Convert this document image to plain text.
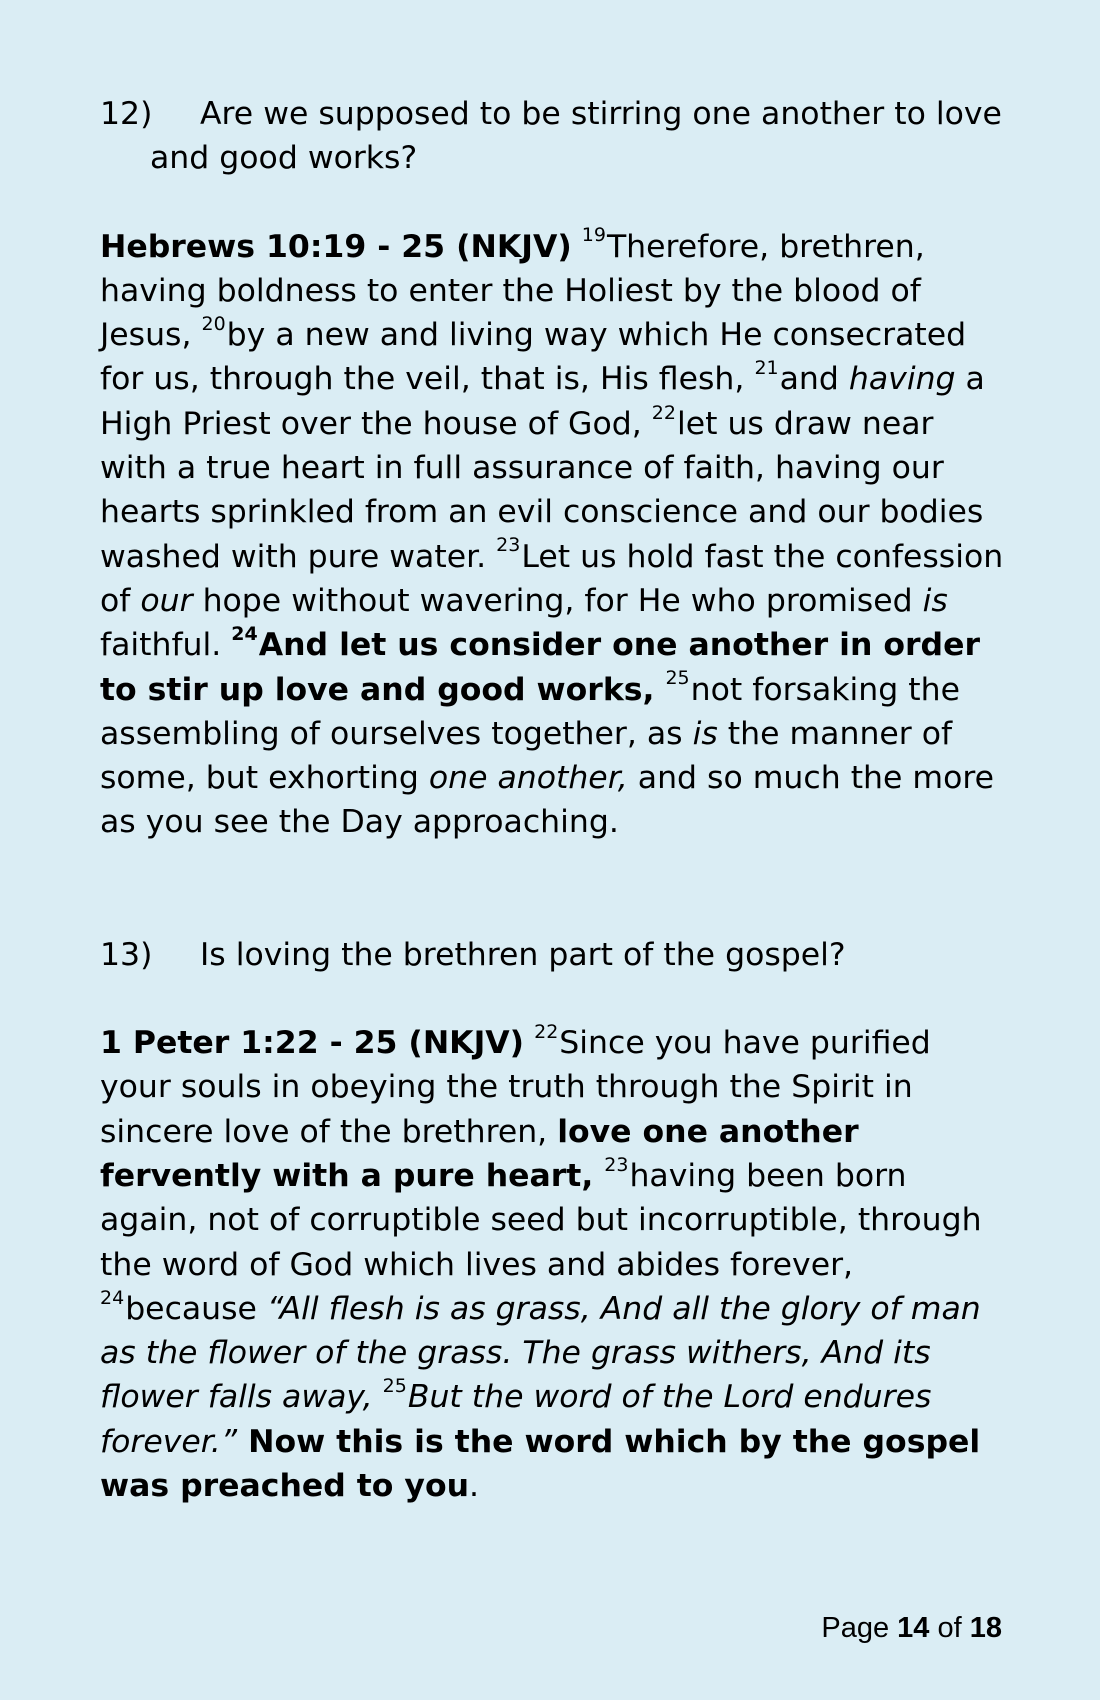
12) Are we supposed to be stirring one another to love and good works?

Hebrews 10:19 - 25 (NKJV) $^{19}$Therefore, brethren, having boldness to enter the Holiest by the blood of Jesus, $^{20}$by a new and living way which He consecrated for us, through the veil, that is, His flesh, $^{21}$and having a High Priest over the house of God, $^{22}$let us draw near with a true heart in full assurance of faith, having our hearts sprinkled from an evil conscience and our bodies washed with pure water. $^{23}$Let us hold fast the confession of our hope without wavering, for He who promised is faithful. $^{24}$And let us consider one another in order to stir up love and good works, $^{25}$not forsaking the assembling of ourselves together, as is the manner of some, but exhorting one another, and so much the more as you see the Day approaching.

13) Is loving the brethren part of the gospel?

1 Peter 1:22 - 25 (NKJV) $^{22}$Since you have purified your souls in obeying the truth through the Spirit in sincere love of the brethren, love one another fervently with a pure heart, $^{23}$having been born again, not of corruptible seed but incorruptible, through the word of God which lives and abides forever, $^{24}$because “All flesh is as grass, And all the glory of man as the flower of the grass. The grass withers, And its flower falls away, $^{25}$But the word of the Lord endures forever.” Now this is the word which by the gospel was preached to you.

Page 14 of 18
